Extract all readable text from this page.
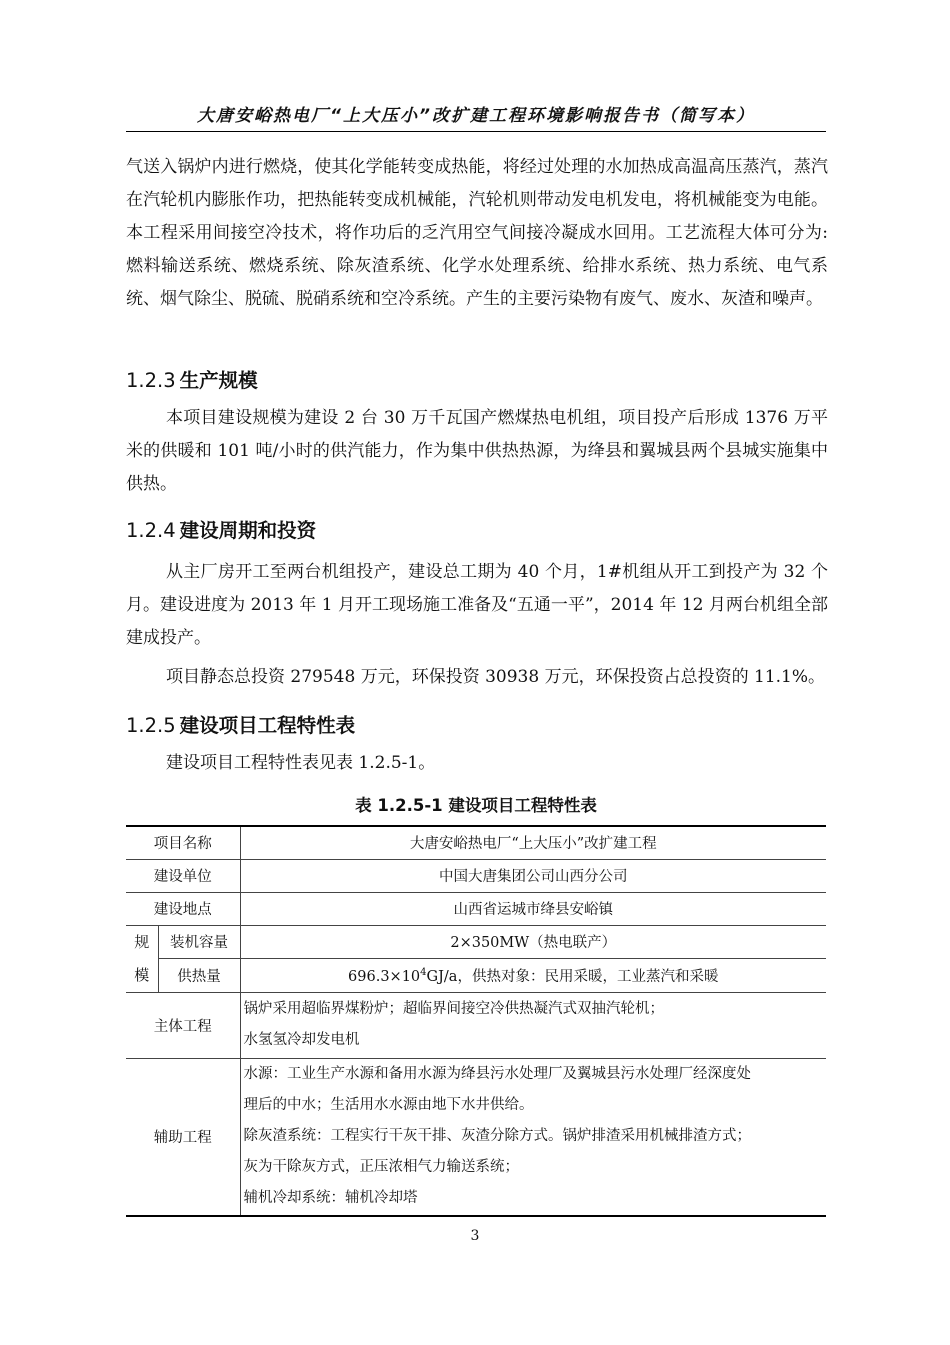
大唐安峪热电厂“上大压小”改扩建工程环境影响报告书（简写本）

气送入锅炉内进行燃烧，使其化学能转变成热能，将经过处理的水加热成高温高压蒸汽，蒸汽在汽轮机内膨胀作功，把热能转变成机械能，汽轮机则带动发电机发电，将机械能变为电能。本工程采用间接空冷技术，将作功后的乏汽用空气间接冷凝成水回用。工艺流程大体可分为:燃料输送系统、燃烧系统、除灰渣系统、化学水处理系统、给排水系统、热力系统、电气系统、烟气除尘、脱硫、脱硝系统和空冷系统。产生的主要污染物有废气、废水、灰渣和噪声。

1.2.3 生产规模

本项目建设规模为建设 2 台 30 万千瓦国产燃煤热电机组，项目投产后形成 1376 万平米的供暖和 101 吨/小时的供汽能力，作为集中供热热源，为绛县和翼城县两个县城实施集中供热。

1.2.4 建设周期和投资

从主厂房开工至两台机组投产，建设总工期为 40 个月，1#机组从开工到投产为 32 个月。建设进度为 2013 年 1 月开工现场施工准备及“五通一平”，2014 年 12 月两台机组全部建成投产。

项目静态总投资 279548 万元，环保投资 30938 万元，环保投资占总投资的 11.1%。

1.2.5 建设项目工程特性表

建设项目工程特性表见表 1.2.5-1。

表 1.2.5-1 建设项目工程特性表
项目名称		大唐安峪热电厂“上大压小”改扩建工程
建设单位		中国大唐集团公司山西分公司
建设地点		山西省运城市绛县安峪镇

规
模	装机容量	2×350MW（热电联产）
	供热量	$696.3\times 10^4GJ/a$，供热对象：民用采暖，工业蒸汽和采暖
主体工程		锅炉采用超临界煤粉炉；超临界间接空冷供热凝汽式双抽汽轮机；
水氢氢冷却发电机

辅助工程		水源：工业生产水源和备用水源为绛县污水处理厂及翼城县污水处理厂经深度处
理后的中水；生活用水水源由地下水井供给。
除灰渣系统：工程实行干灰干排、灰渣分除方式。锅炉排渣采用机械排渣方式；
灰为干除灰方式，正压浓相气力输送系统；
辅机冷却系统：辅机冷却塔
3
